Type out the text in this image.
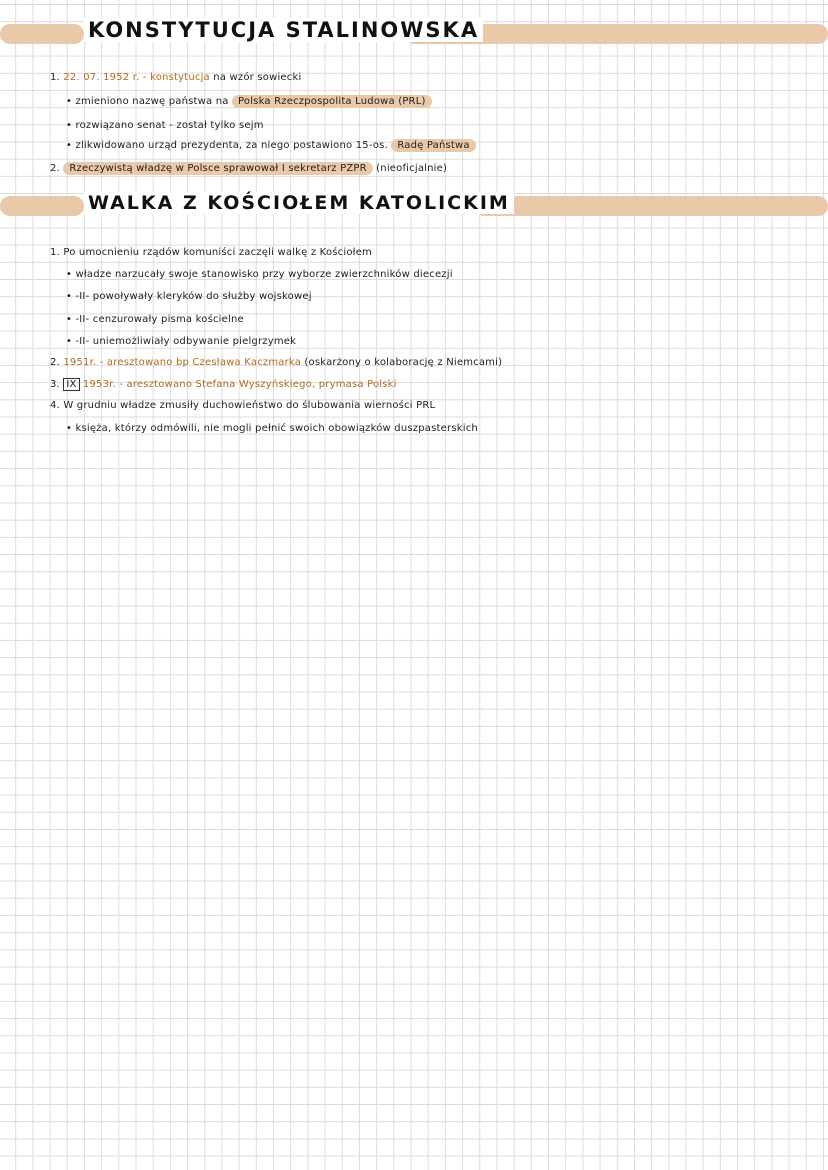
KONSTYTUCJA STALINOWSKA
1. 22. 07. 1952 r. - konstytucja na wzór sowiecki
• zmieniono nazwę państwa na Polska Rzeczpospolita Ludowa (PRL)
• rozwiązano senat - został tylko sejm
• zlikwidowano urząd prezydenta, za niego postawiono 15-os. Radę Państwa
2. Rzeczywistą władzę w Polsce sprawował I sekretarz PZPR (nieoficjalnie)
WALKA Z KOŚCIOŁEM KATOLICKIM
1. Po umocnieniu rządów komuniści zaczęli walkę z Kościołem
• władze narzucały swoje stanowisko przy wyborze zwierzchników diecezji
• -II- powoływały kleryków do służby wojskowej
• -II- cenzurowały pisma kościelne
• -II- uniemożliwiały odbywanie pielgrzymek
2. 1951r. - aresztowano bp Czesława Kaczmarka (oskarżony o kolaborację z Niemcami)
3. IX 1953r. - aresztowano Stefana Wyszyńskiego, prymasa Polski
4. W grudniu władze zmusiły duchowieństwo do ślubowania wierności PRL
• księża, którzy odmówili, nie mogli pełnić swoich obowiązków duszpasterskich
